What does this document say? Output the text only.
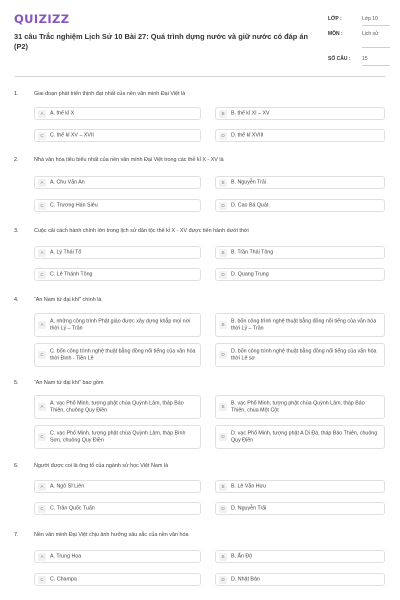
QUIZIZZ
31 câu Trắc nghiệm Lịch Sử 10 Bài 27: Quá trình dựng nước và giữ nước có đáp án (P2)
LỚP :	Lớp 10
MÔN :	Lịch sử
SỐ CÂU : 15
1.	Giai đoạn phát triển thịnh đạt nhất của nền văn minh Đại Việt là
A	A. thế kỉ X	B	B. thế kỉ XI – XV
C	C. thế kỉ XV – XVII	D	D. thế kỉ XVIII
2.	Nhà văn hóa tiêu biểu nhất của nền văn minh Đại Việt trong các thế kỉ X - XV là
A	A. Chu Văn An	B	B. Nguyễn Trãi
C	C. Trương Hán Siêu	D	D. Cao Bá Quát
3.	Cuộc cải cách hành chính lớn trong lịch sử dân tộc thế kỉ X - XV được tiến hành dưới thời
A	A. Lý Thái Tổ	B	B. Trần Thái Tông
C	C. Lê Thánh Tông	D	D. Quang Trung
4.	“An Nam tứ đại khí” chính là
A
A. những công trình Phật giáo được xây dựng khắp mọi nơi thời Lý – Trần
B
B. bốn công trình nghệ thuật bằng đồng nổi tiếng của văn hóa thời Lý – Trần
C
C. bốn công trình nghệ thuật bằng đồng nổi tiếng của văn hóa thời Đinh - Tiền Lê
D
D. bốn công trình nghệ thuật bằng đồng nổi tiếng của văn hóa thời Lê sơ
5.	“An Nam tứ đại khí” bao gồm
A
A. vạc Phổ Minh, tượng phật chùa Quỳnh Lâm, tháp Báo Thiên, chuông Quy Điền
B
B. vạc Phổ Minh, tượng phật chùa Quỳnh Lâm, tháp Báo Thiên, chùa Một Cột
C
C. vạc Phổ Minh, tượng phật chùa Quỳnh Lâm, tháp Bình Sơn, chuông Quy Điền
D
D. vạc Phổ Minh, tượng phật A Di Đà, tháp Báo Thiên, chuông Quy Điền
6.	Người được coi là ông tổ của ngành sử học Việt Nam là
A	A. Ngô Sĩ Liên	B	B. Lê Văn Hưu
C	C. Trần Quốc Tuấn	D	D. Nguyễn Trãi
7.	Nền văn minh Đại Việt chịu ảnh hưởng sâu sắc của nền văn hóa
A	A. Trung Hoa	B	B. Ấn Độ
C	C. Champa	D	D. Nhật Bản
